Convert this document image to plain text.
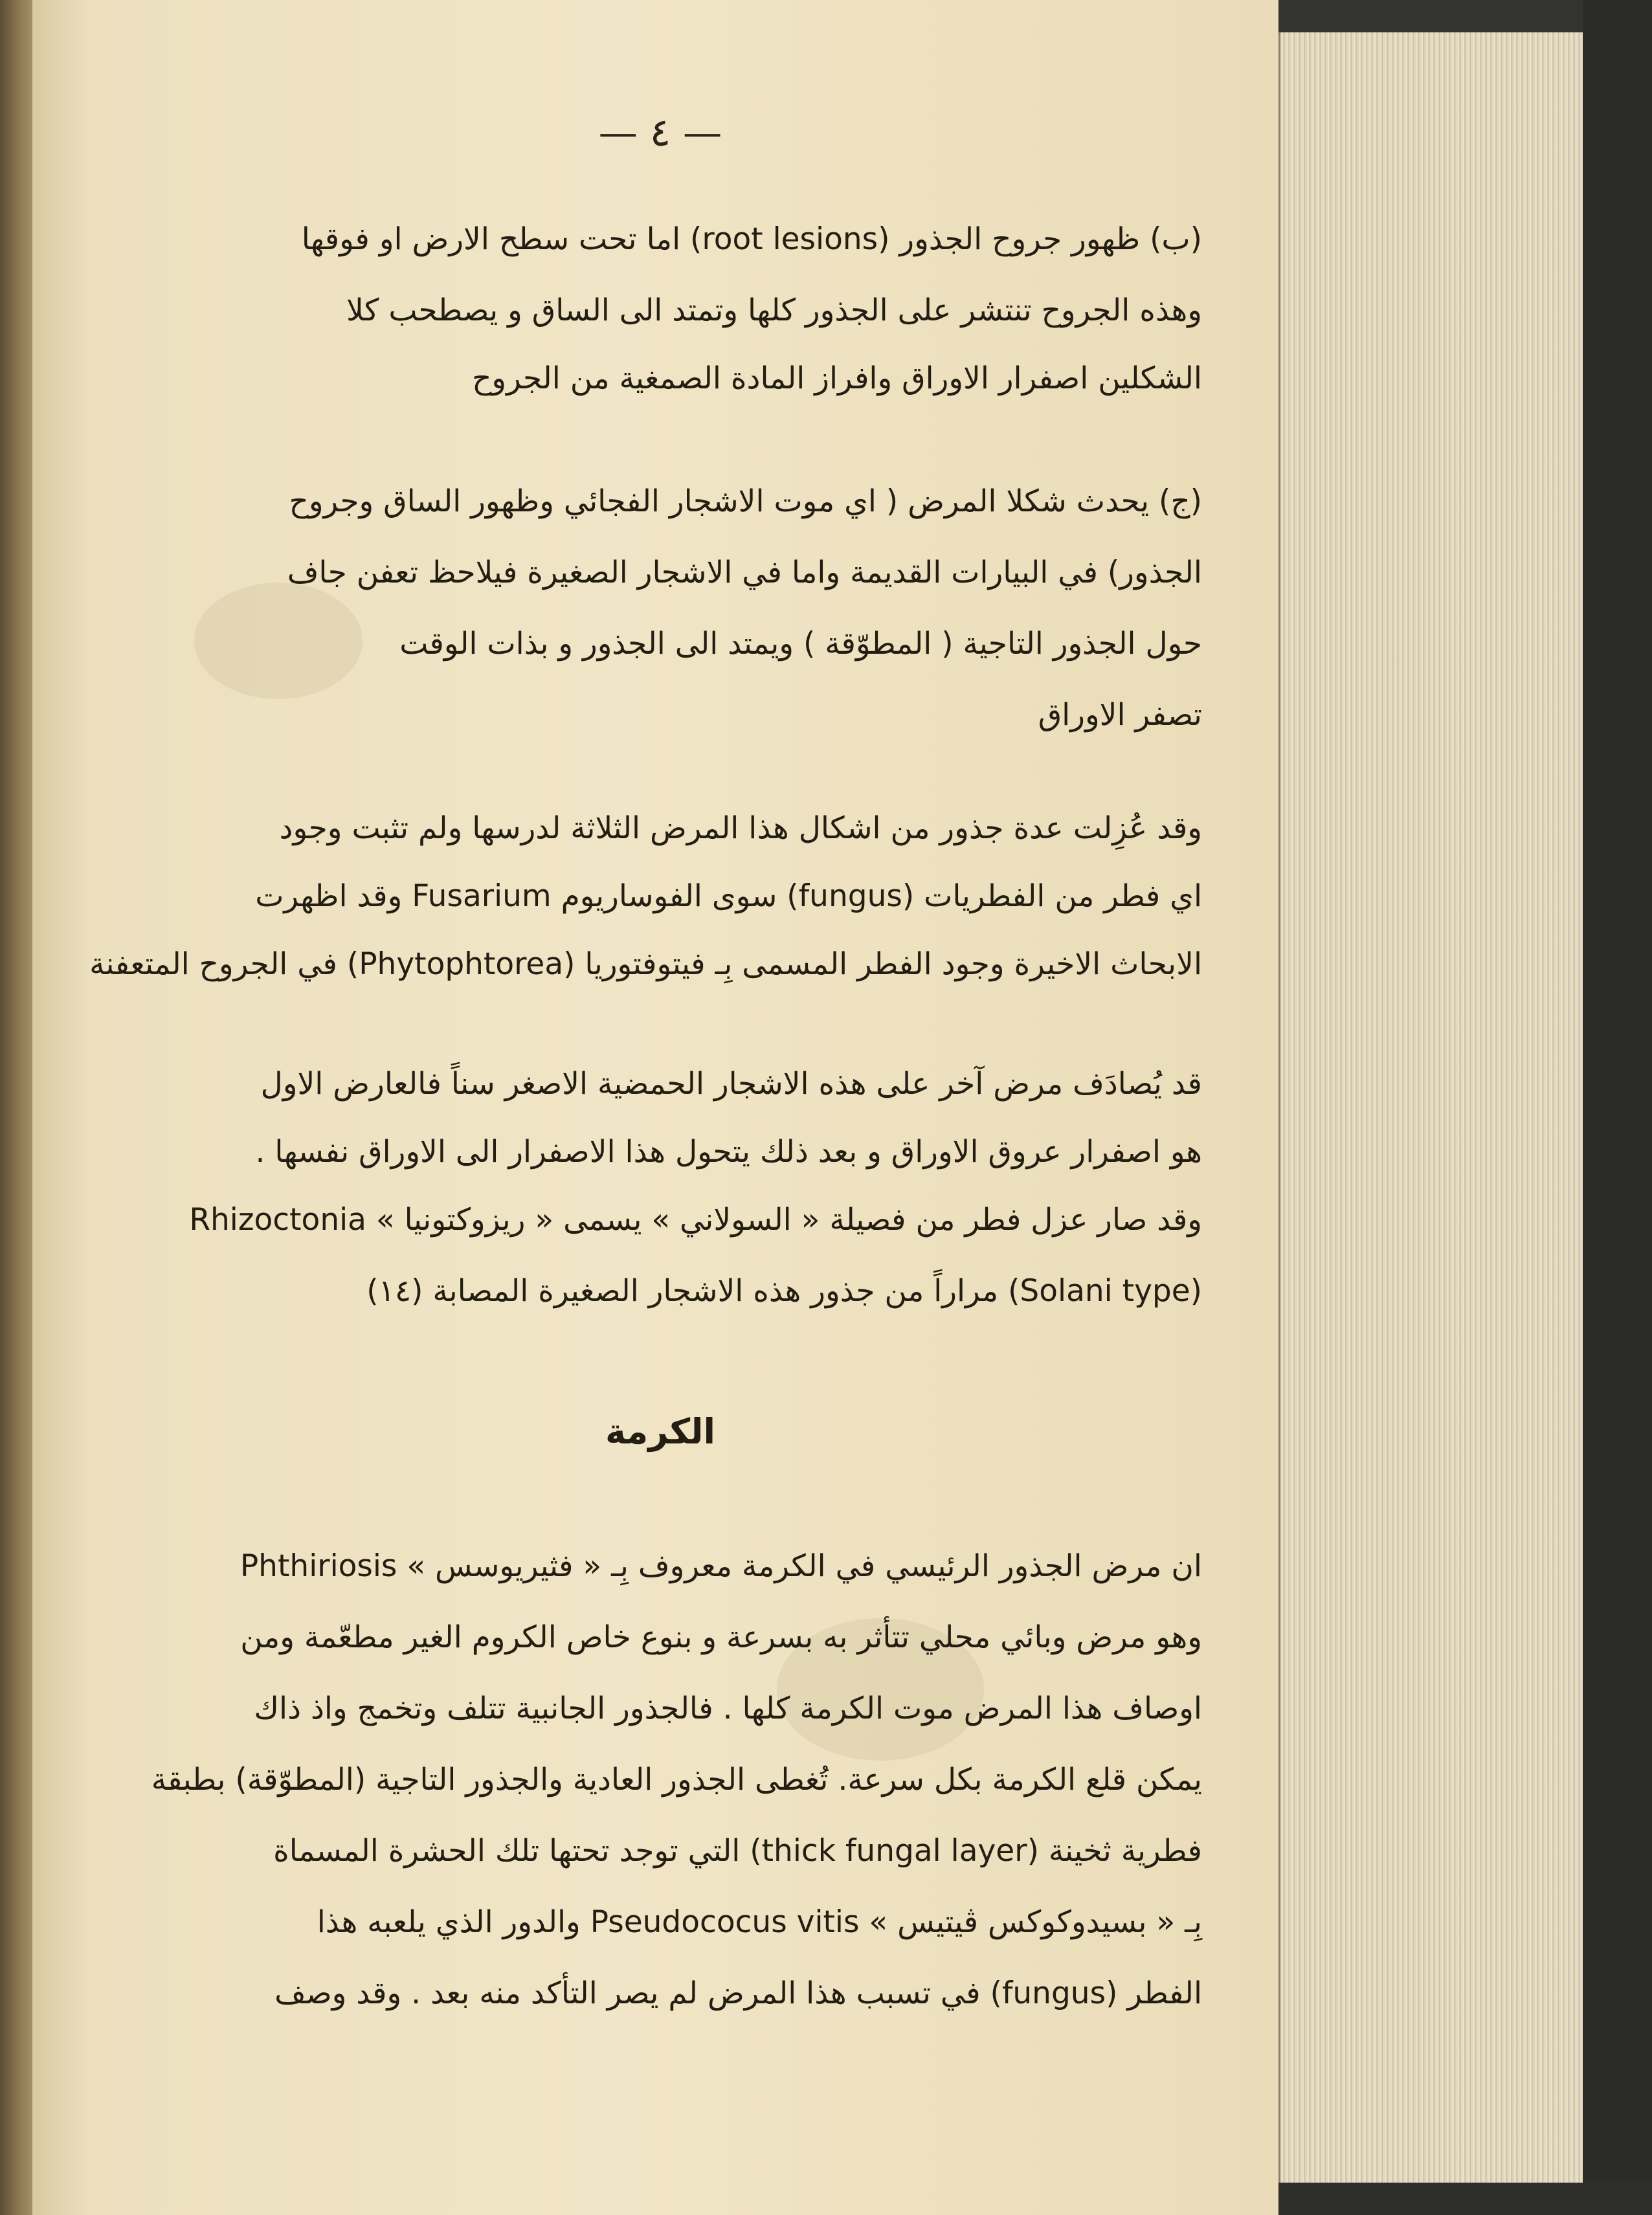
— ٤ —
(ب) ظهور جروح الجذور (root lesions) اما تحت سطح الارض او فوقها
وهذه الجروح تنتشر على الجذور كلها وتمتد الى الساق و يصطحب كلا
الشكلين اصفرار الاوراق وافراز المادة الصمغية من الجروح
(ج) يحدث شكلا المرض ( اي موت الاشجار الفجائي وظهور الساق وجروح
الجذور) في البيارات القديمة واما في الاشجار الصغيرة فيلاحظ تعفن جاف
حول الجذور التاجية ( المطوّقة ) ويمتد الى الجذور و بذات الوقت
تصفر الاوراق
وقد عُزِلت عدة جذور من اشكال هذا المرض الثلاثة لدرسها ولم تثبت وجود
اي فطر من الفطريات (fungus) سوى الفوساريوم Fusarium وقد اظهرت
الابحاث الاخيرة وجود الفطر المسمى بِـ فيتوفتوريا (Phytophtorea) في الجروح المتعفنة
قد يُصادَف مرض آخر على هذه الاشجار الحمضية الاصغر سناً فالعارض الاول
هو اصفرار عروق الاوراق و بعد ذلك يتحول هذا الاصفرار الى الاوراق نفسها .
وقد صار عزل فطر من فصيلة « السولاني » يسمى « ريزوكتونيا » Rhizoctonia
(Solani type) مراراً من جذور هذه الاشجار الصغيرة المصابة (١٤)
الكرمة
ان مرض الجذور الرئيسي في الكرمة معروف بِـ « فثيريوسس » Phthiriosis
وهو مرض وبائي محلي تتأثر به بسرعة و بنوع خاص الكروم الغير مطعّمة ومن
اوصاف هذا المرض موت الكرمة كلها . فالجذور الجانبية تتلف وتخمج واذ ذاك
يمكن قلع الكرمة بكل سرعة. تُغطى الجذور العادية والجذور التاجية (المطوّقة) بطبقة
فطرية ثخينة (thick fungal layer) التي توجد تحتها تلك الحشرة المسماة
بِـ « بسيدوكوكس ڤيتيس » Pseudococus vitis والدور الذي يلعبه هذا
الفطر (fungus) في تسبب هذا المرض لم يصر التأكد منه بعد . وقد وصف
